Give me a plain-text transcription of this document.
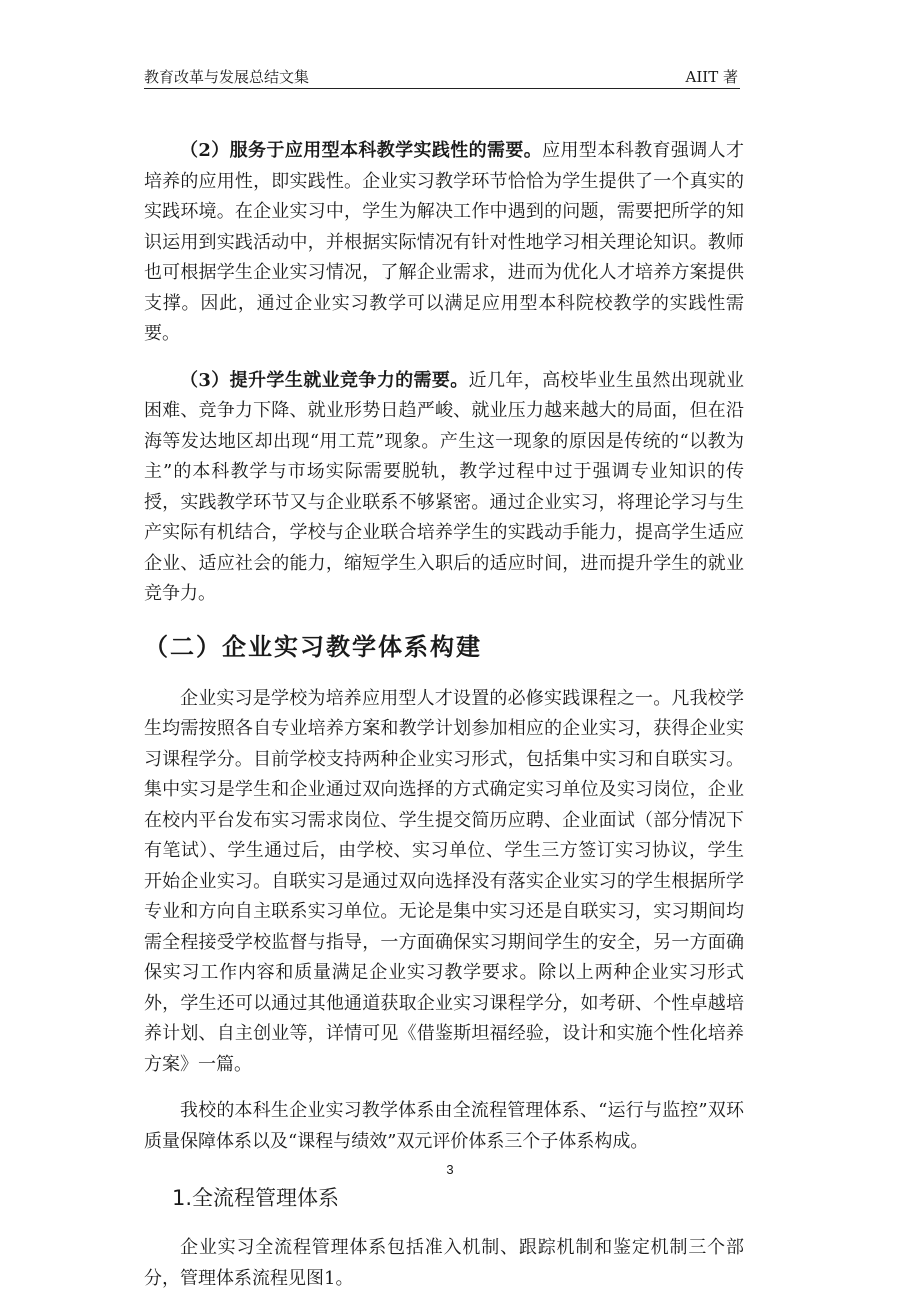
教育改革与发展总结文集	AIIT 著

（2）服务于应用型本科教学实践性的需要。应用型本科教育强调人才培养的应用性，即实践性。企业实习教学环节恰恰为学生提供了一个真实的实践环境。在企业实习中，学生为解决工作中遇到的问题，需要把所学的知识运用到实践活动中，并根据实际情况有针对性地学习相关理论知识。教师也可根据学生企业实习情况，了解企业需求，进而为优化人才培养方案提供支撑。因此，通过企业实习教学可以满足应用型本科院校教学的实践性需要。

（3）提升学生就业竞争力的需要。近几年，高校毕业生虽然出现就业困难、竞争力下降、就业形势日趋严峻、就业压力越来越大的局面，但在沿海等发达地区却出现“用工荒”现象。产生这一现象的原因是传统的“以教为主”的本科教学与市场实际需要脱轨，教学过程中过于强调专业知识的传授，实践教学环节又与企业联系不够紧密。通过企业实习，将理论学习与生产实际有机结合，学校与企业联合培养学生的实践动手能力，提高学生适应企业、适应社会的能力，缩短学生入职后的适应时间，进而提升学生的就业竞争力。

（二）企业实习教学体系构建

企业实习是学校为培养应用型人才设置的必修实践课程之一。凡我校学生均需按照各自专业培养方案和教学计划参加相应的企业实习，获得企业实习课程学分。目前学校支持两种企业实习形式，包括集中实习和自联实习。集中实习是学生和企业通过双向选择的方式确定实习单位及实习岗位，企业在校内平台发布实习需求岗位、学生提交简历应聘、企业面试（部分情况下有笔试）、学生通过后，由学校、实习单位、学生三方签订实习协议，学生开始企业实习。自联实习是通过双向选择没有落实企业实习的学生根据所学专业和方向自主联系实习单位。无论是集中实习还是自联实习，实习期间均需全程接受学校监督与指导，一方面确保实习期间学生的安全，另一方面确保实习工作内容和质量满足企业实习教学要求。除以上两种企业实习形式外，学生还可以通过其他通道获取企业实习课程学分，如考研、个性卓越培养计划、自主创业等，详情可见《借鉴斯坦福经验，设计和实施个性化培养方案》一篇。

我校的本科生企业实习教学体系由全流程管理体系、“运行与监控”双环质量保障体系以及“课程与绩效”双元评价体系三个子体系构成。

1.全流程管理体系

企业实习全流程管理体系包括准入机制、跟踪机制和鉴定机制三个部分，管理体系流程见图1。

3
